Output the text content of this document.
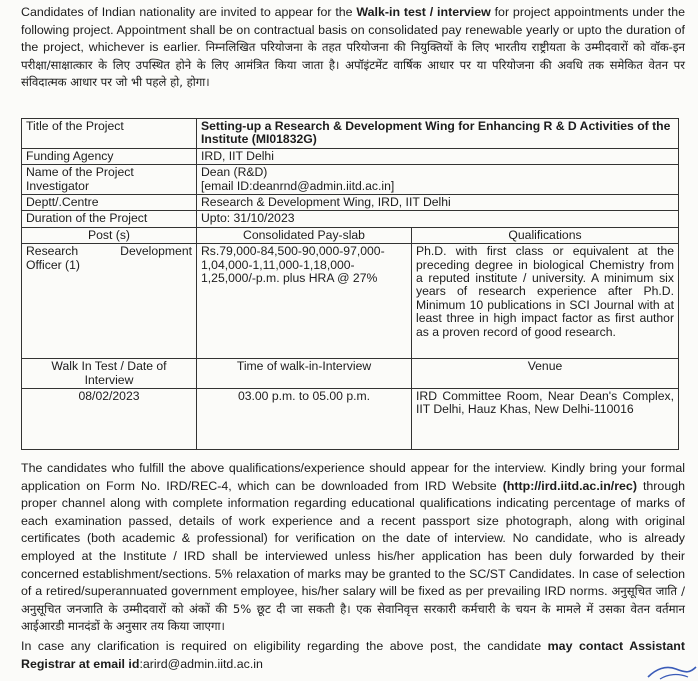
Candidates of Indian nationality are invited to appear for the Walk-in test / interview for project appointments under the following project. Appointment shall be on contractual basis on consolidated pay renewable yearly or upto the duration of the project, whichever is earlier. निम्नलिखित परियोजना के तहत परियोजना की नियुक्तियों के लिए भारतीय राष्ट्रीयता के उम्मीदवारों को वॉक-इन परीक्षा/साक्षात्कार के लिए उपस्थित होने के लिए आमंत्रित किया जाता है। अपॉइंटमेंट वार्षिक आधार पर या परियोजना की अवधि तक समेकित वेतन पर संविदात्मक आधार पर जो भी पहले हो, होगा।

Title of the Project	Setting-up a Research & Development Wing for Enhancing R & D Activities of the Institute (MI01832G)	
Funding Agency	IRD, IIT Delhi	
Name of the Project Investigator	Dean (R&D)
[email ID:deanrnd@admin.iitd.ac.in]	
Deptt/.Centre	Research & Development Wing, IRD, IIT Delhi	
Duration of the Project	Upto: 31/10/2023	
Post (s)	Consolidated Pay-slab	Qualifications
Research Development Officer (1)	Rs.79,000-84,500-90,000-97,000-1,04,000-1,11,000-1,18,000-1,25,000/-p.m. plus HRA @ 27%	Ph.D. with first class or equivalent at the preceding degree in biological Chemistry from a reputed institute / university. A minimum six years of research experience after Ph.D. Minimum 10 publications in SCI Journal with at least three in high impact factor as first author as a proven record of good research.
Walk In Test / Date of Interview	Time of walk-in-Interview	Venue
08/02/2023	03.00 p.m. to 05.00 p.m.	IRD Committee Room, Near Dean's Complex, IIT Delhi, Hauz Khas, New Delhi-110016

The candidates who fulfill the above qualifications/experience should appear for the interview. Kindly bring your formal application on Form No. IRD/REC-4, which can be downloaded from IRD Website (http://ird.iitd.ac.in/rec) through proper channel along with complete information regarding educational qualifications indicating percentage of marks of each examination passed, details of work experience and a recent passport size photograph, along with original certificates (both academic & professional) for verification on the date of interview. No candidate, who is already employed at the Institute / IRD shall be interviewed unless his/her application has been duly forwarded by their concerned establishment/sections. 5% relaxation of marks may be granted to the SC/ST Candidates. In case of selection of a retired/superannuated government employee, his/her salary will be fixed as per prevailing IRD norms. अनुसूचित जाति / अनुसूचित जनजाति के उम्मीदवारों को अंकों की 5% छूट दी जा सकती है। एक सेवानिवृत्त सरकारी कर्मचारी के चयन के मामले में उसका वेतन वर्तमान आईआरडी मानदंडों के अनुसार तय किया जाएगा।

In case any clarification is required on eligibility regarding the above post, the candidate may contact Assistant Registrar at email id:arird@admin.iitd.ac.in
